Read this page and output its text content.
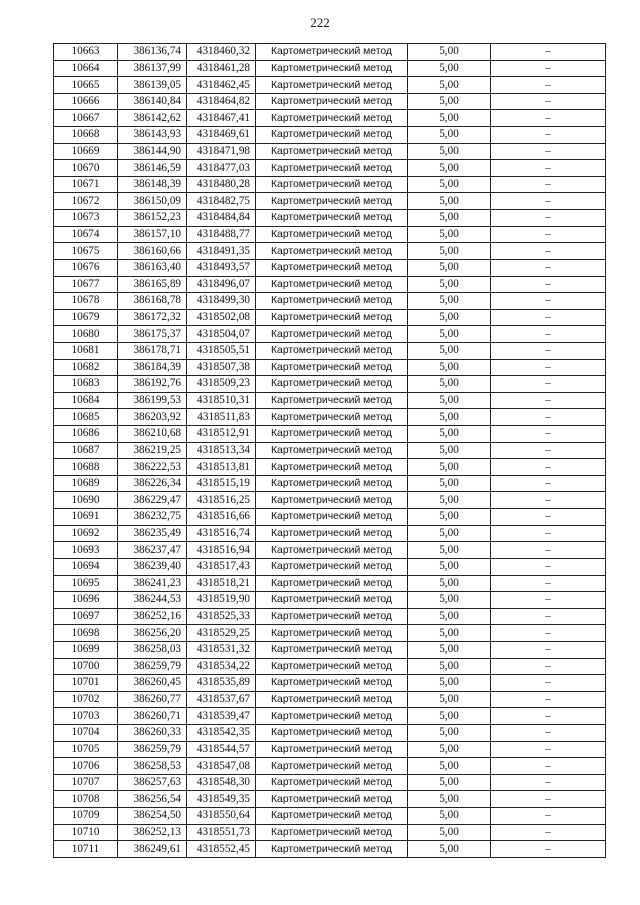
222
10663	386136,74	4318460,32	Картометрический метод	5,00	–
10664	386137,99	4318461,28	Картометрический метод	5,00	–
10665	386139,05	4318462,45	Картометрический метод	5,00	–
10666	386140,84	4318464,82	Картометрический метод	5,00	–
10667	386142,62	4318467,41	Картометрический метод	5,00	–
10668	386143,93	4318469,61	Картометрический метод	5,00	–
10669	386144,90	4318471,98	Картометрический метод	5,00	–
10670	386146,59	4318477,03	Картометрический метод	5,00	–
10671	386148,39	4318480,28	Картометрический метод	5,00	–
10672	386150,09	4318482,75	Картометрический метод	5,00	–
10673	386152,23	4318484,84	Картометрический метод	5,00	–
10674	386157,10	4318488,77	Картометрический метод	5,00	–
10675	386160,66	4318491,35	Картометрический метод	5,00	–
10676	386163,40	4318493,57	Картометрический метод	5,00	–
10677	386165,89	4318496,07	Картометрический метод	5,00	–
10678	386168,78	4318499,30	Картометрический метод	5,00	–
10679	386172,32	4318502,08	Картометрический метод	5,00	–
10680	386175,37	4318504,07	Картометрический метод	5,00	–
10681	386178,71	4318505,51	Картометрический метод	5,00	–
10682	386184,39	4318507,38	Картометрический метод	5,00	–
10683	386192,76	4318509,23	Картометрический метод	5,00	–
10684	386199,53	4318510,31	Картометрический метод	5,00	–
10685	386203,92	4318511,83	Картометрический метод	5,00	–
10686	386210,68	4318512,91	Картометрический метод	5,00	–
10687	386219,25	4318513,34	Картометрический метод	5,00	–
10688	386222,53	4318513,81	Картометрический метод	5,00	–
10689	386226,34	4318515,19	Картометрический метод	5,00	–
10690	386229,47	4318516,25	Картометрический метод	5,00	–
10691	386232,75	4318516,66	Картометрический метод	5,00	–
10692	386235,49	4318516,74	Картометрический метод	5,00	–
10693	386237,47	4318516,94	Картометрический метод	5,00	–
10694	386239,40	4318517,43	Картометрический метод	5,00	–
10695	386241,23	4318518,21	Картометрический метод	5,00	–
10696	386244,53	4318519,90	Картометрический метод	5,00	–
10697	386252,16	4318525,33	Картометрический метод	5,00	–
10698	386256,20	4318529,25	Картометрический метод	5,00	–
10699	386258,03	4318531,32	Картометрический метод	5,00	–
10700	386259,79	4318534,22	Картометрический метод	5,00	–
10701	386260,45	4318535,89	Картометрический метод	5,00	–
10702	386260,77	4318537,67	Картометрический метод	5,00	–
10703	386260,71	4318539,47	Картометрический метод	5,00	–
10704	386260,33	4318542,35	Картометрический метод	5,00	–
10705	386259,79	4318544,57	Картометрический метод	5,00	–
10706	386258,53	4318547,08	Картометрический метод	5,00	–
10707	386257,63	4318548,30	Картометрический метод	5,00	–
10708	386256,54	4318549,35	Картометрический метод	5,00	–
10709	386254,50	4318550,64	Картометрический метод	5,00	–
10710	386252,13	4318551,73	Картометрический метод	5,00	–
10711	386249,61	4318552,45	Картометрический метод	5,00	–
